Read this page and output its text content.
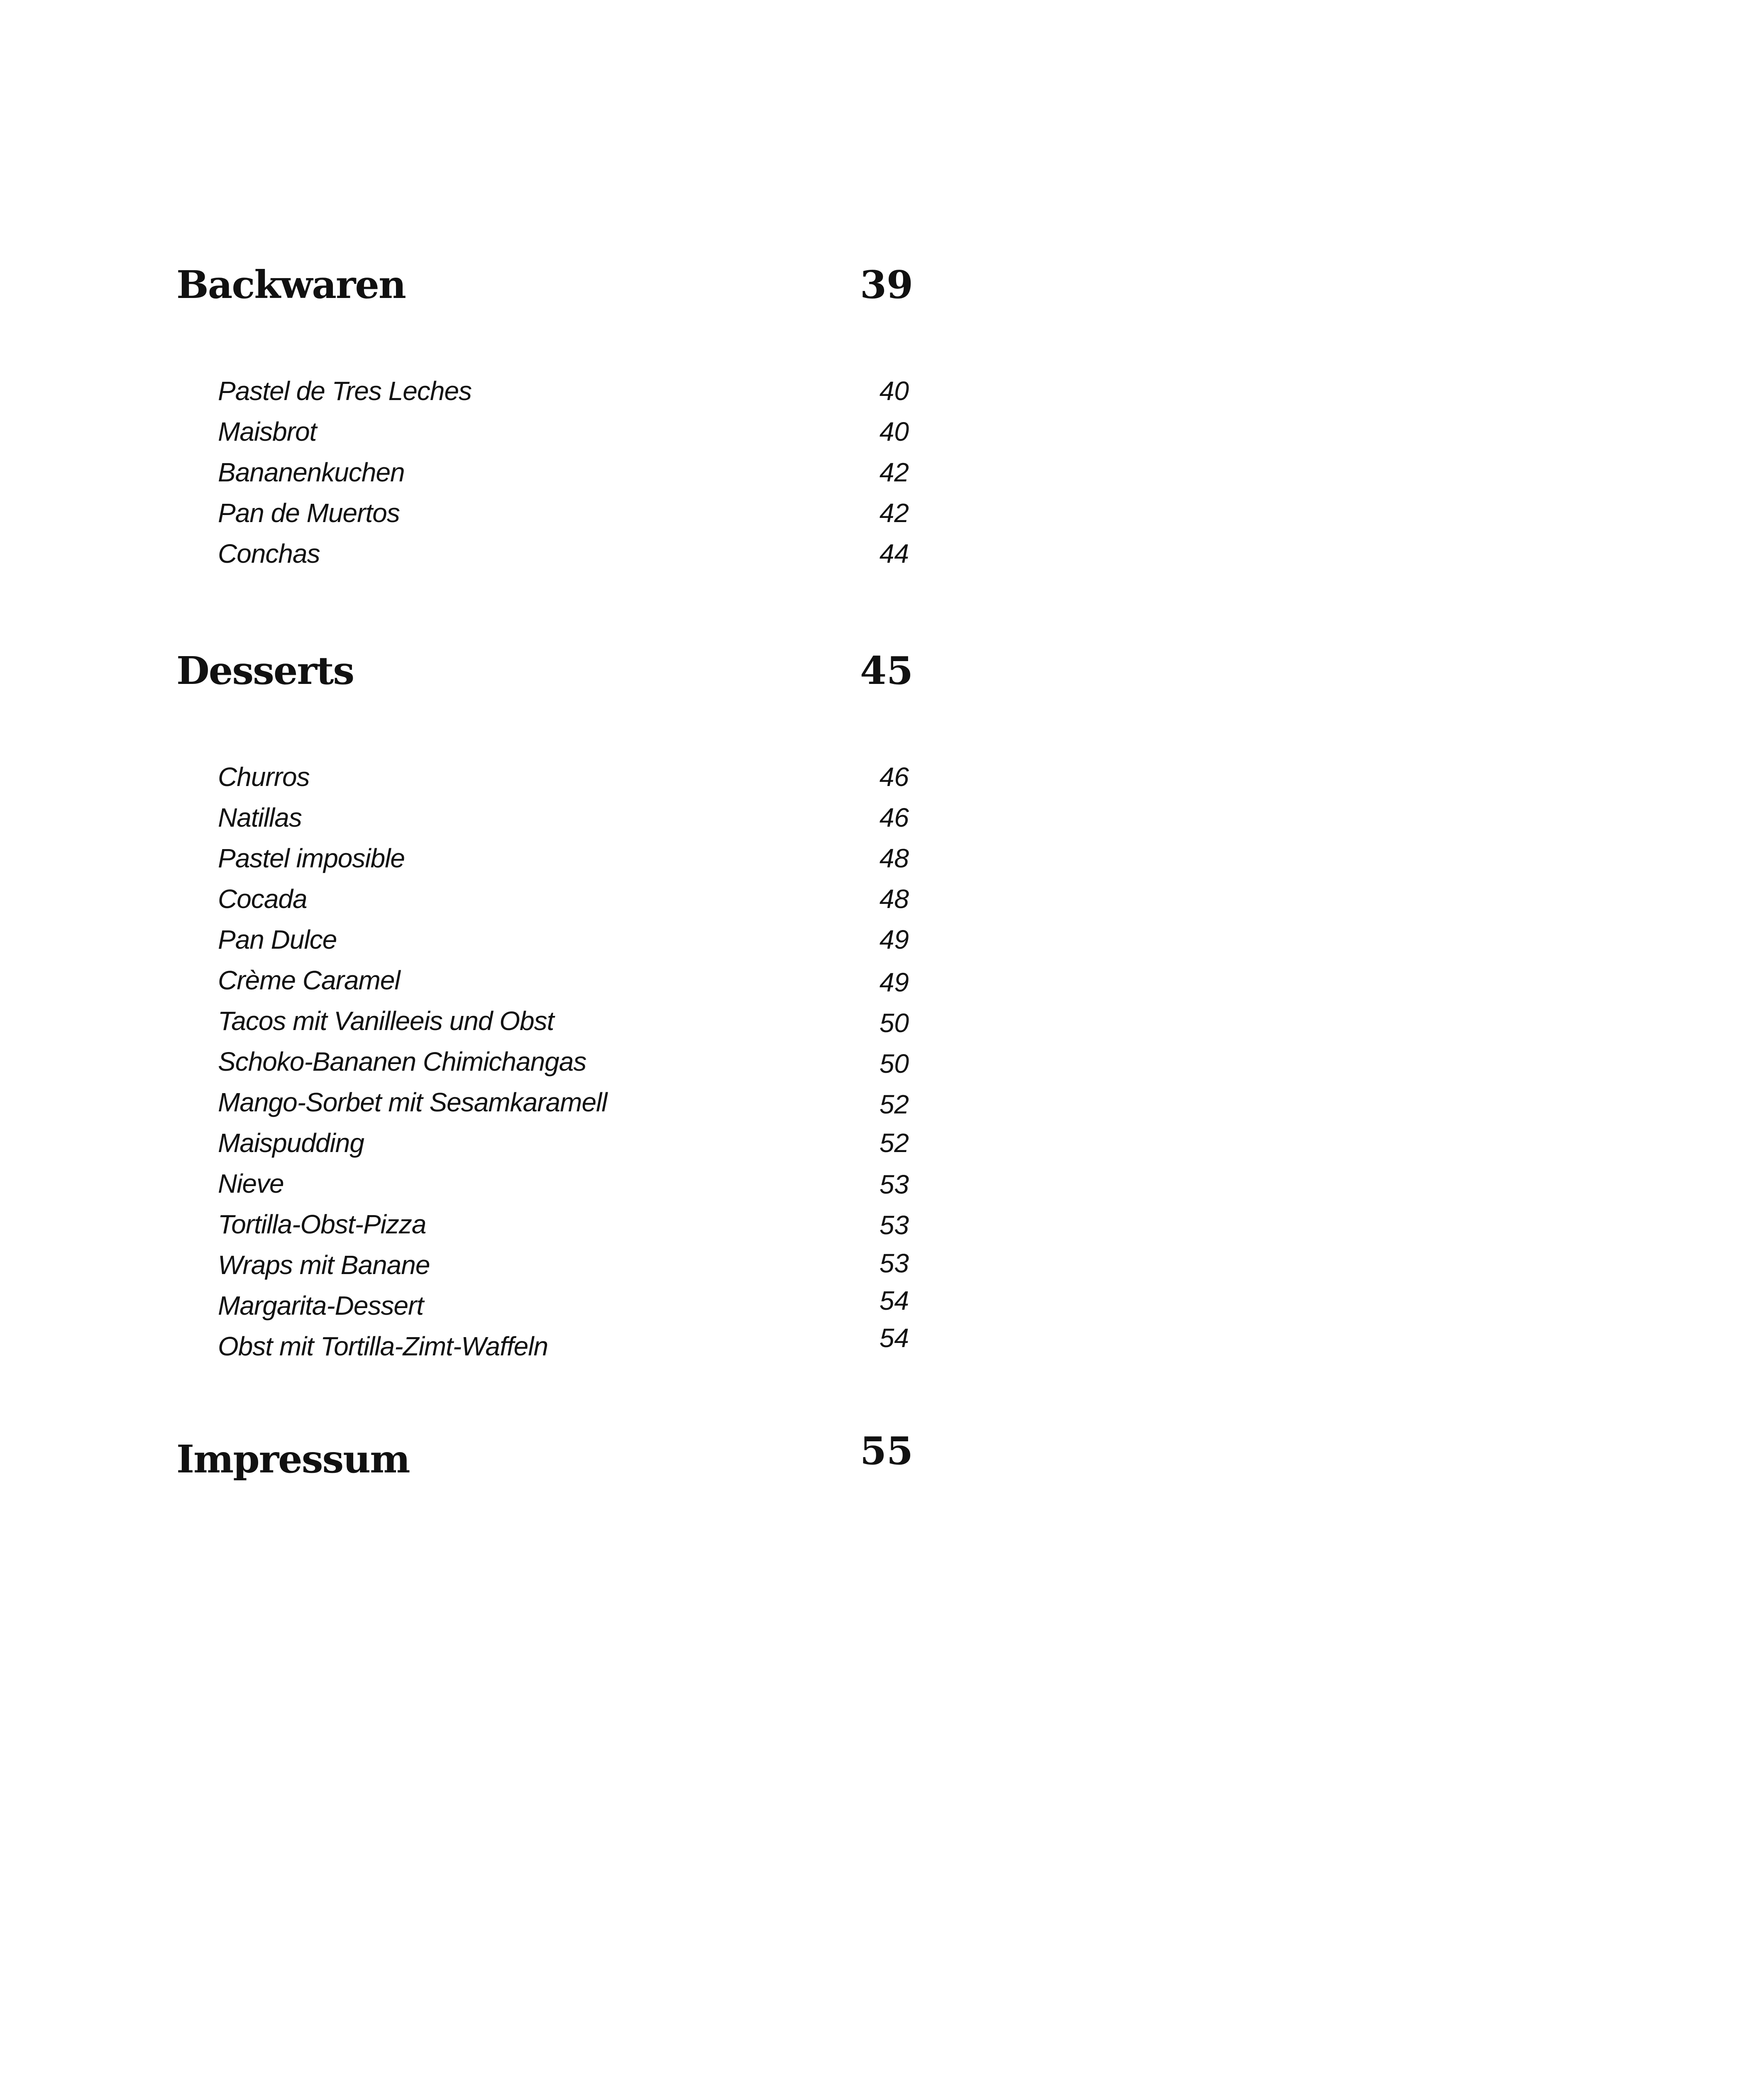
Backwaren	39
Pastel de Tres Leches	40
Maisbrot	40
Bananenkuchen	42
Pan de Muertos	42
Conchas	44
Desserts	45
Churros	46
Natillas	46
Pastel imposible	48
Cocada	48
Pan Dulce	49
Crème Caramel	49
Tacos mit Vanilleeis und Obst	50
Schoko-Bananen Chimichangas	50
Mango-Sorbet mit Sesamkaramell	52
Maispudding	52
Nieve	53
Tortilla-Obst-Pizza	53
Wraps mit Banane	53
Margarita-Dessert	54
Obst mit Tortilla-Zimt-Waffeln	54
Impressum	55
